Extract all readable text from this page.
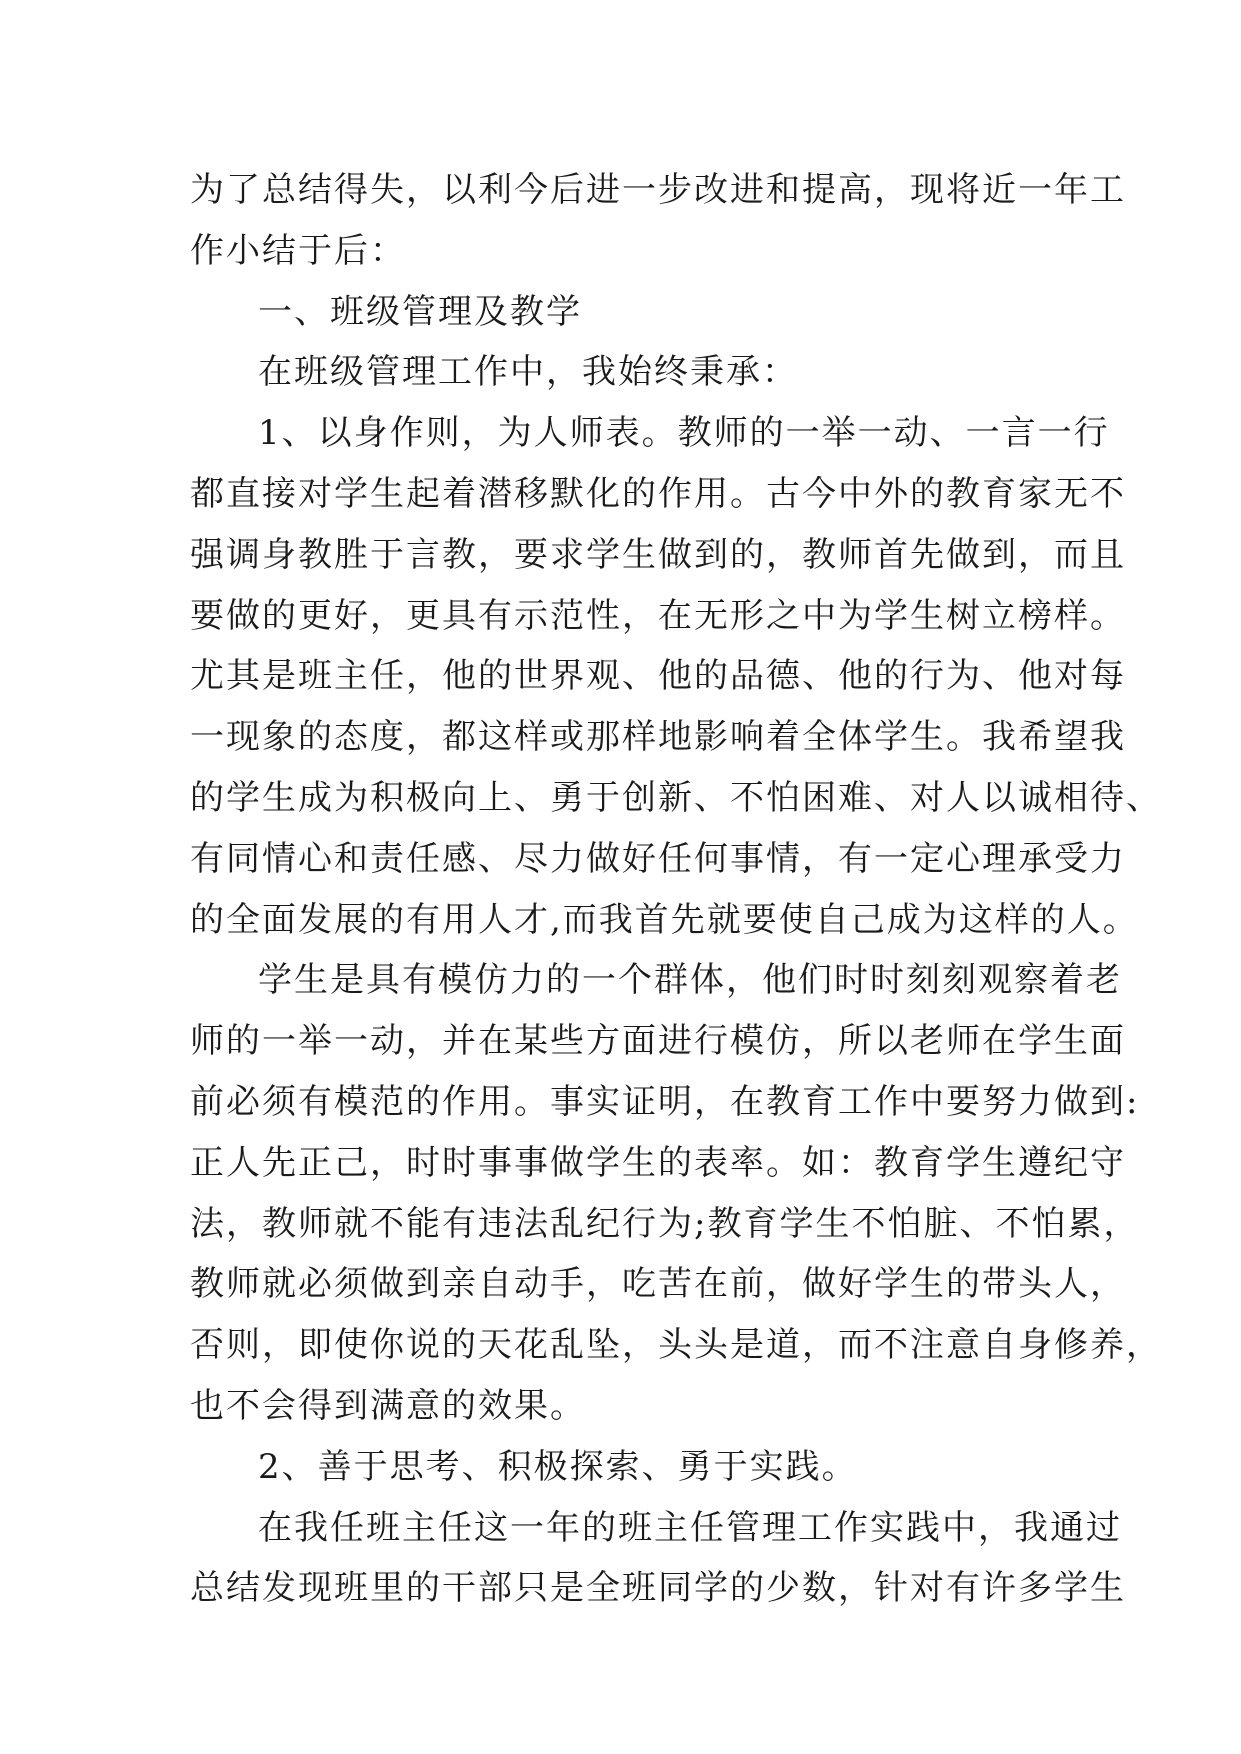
为了总结得失，以利今后进一步改进和提高，现将近一年工
作小结于后：
一、班级管理及教学
在班级管理工作中，我始终秉承：
1、以身作则，为人师表。教师的一举一动、一言一行
都直接对学生起着潜移默化的作用。古今中外的教育家无不
强调身教胜于言教，要求学生做到的，教师首先做到，而且
要做的更好，更具有示范性，在无形之中为学生树立榜样。
尤其是班主任，他的世界观、他的品德、他的行为、他对每
一现象的态度，都这样或那样地影响着全体学生。我希望我
的学生成为积极向上、勇于创新、不怕困难、对人以诚相待、
有同情心和责任感、尽力做好任何事情，有一定心理承受力
的全面发展的有用人才,而我首先就要使自己成为这样的人。
学生是具有模仿力的一个群体，他们时时刻刻观察着老
师的一举一动，并在某些方面进行模仿，所以老师在学生面
前必须有模范的作用。事实证明，在教育工作中要努力做到:
正人先正己，时时事事做学生的表率。如：教育学生遵纪守
法，教师就不能有违法乱纪行为;教育学生不怕脏、不怕累，
教师就必须做到亲自动手，吃苦在前，做好学生的带头人，
否则，即使你说的天花乱坠，头头是道，而不注意自身修养，
也不会得到满意的效果。
2、善于思考、积极探索、勇于实践。
在我任班主任这一年的班主任管理工作实践中，我通过
总结发现班里的干部只是全班同学的少数，针对有许多学生
